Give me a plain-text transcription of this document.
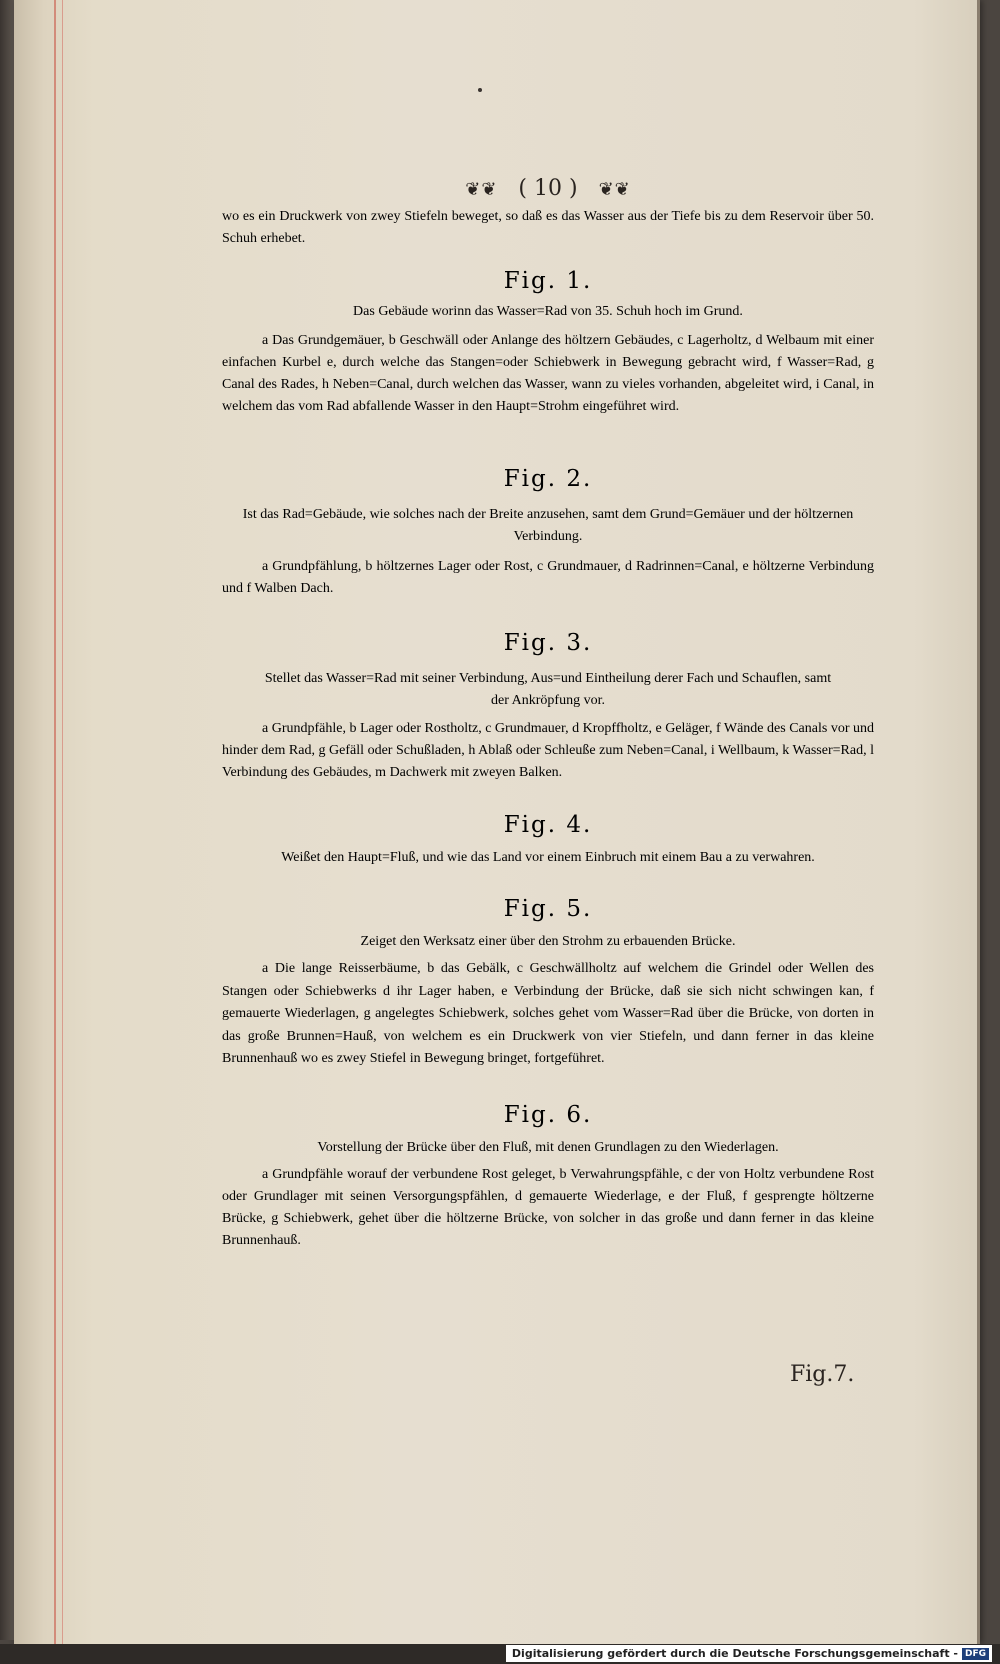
❦❦ ( 10 ) ❦❦

wo es ein Druckwerk von zwey Stiefeln beweget, so daß es das Wasser aus der Tiefe bis zu dem Reservoir über 50. Schuh erhebet.

Fig. 1.

Das Gebäude worinn das Wasser=Rad von 35. Schuh hoch im Grund.

a Das Grundgemäuer, b Geschwäll oder Anlange des höltzern Gebäudes, c Lagerholtz, d Welbaum mit einer einfachen Kurbel e, durch welche das Stangen=oder Schiebwerk in Bewegung gebracht wird, f Wasser=Rad, g Canal des Rades, h Neben=Canal, durch welchen das Wasser, wann zu vieles vorhanden, abgeleitet wird, i Canal, in welchem das vom Rad abfallende Wasser in den Haupt=Strohm eingeführet wird.

Fig. 2.

Ist das Rad=Gebäude, wie solches nach der Breite anzusehen, samt dem Grund=Gemäuer und der höltzernen Verbindung.

a Grundpfählung, b höltzernes Lager oder Rost, c Grundmauer, d Radrinnen=Canal, e höltzerne Verbindung und f Walben Dach.

Fig. 3.

Stellet das Wasser=Rad mit seiner Verbindung, Aus=und Eintheilung derer Fach und Schauflen, samt der Ankröpfung vor.

a Grundpfähle, b Lager oder Rostholtz, c Grundmauer, d Kropffholtz, e Geläger, f Wände des Canals vor und hinder dem Rad, g Gefäll oder Schußladen, h Ablaß oder Schleuße zum Neben=Canal, i Wellbaum, k Wasser=Rad, l Verbindung des Gebäudes, m Dachwerk mit zweyen Balken.

Fig. 4.

Weißet den Haupt=Fluß, und wie das Land vor einem Einbruch mit einem Bau a zu verwahren.

Fig. 5.

Zeiget den Werksatz einer über den Strohm zu erbauenden Brücke.

a Die lange Reisserbäume, b das Gebälk, c Geschwällholtz auf welchem die Grindel oder Wellen des Stangen oder Schiebwerks d ihr Lager haben, e Verbindung der Brücke, daß sie sich nicht schwingen kan, f gemauerte Wiederlagen, g angelegtes Schiebwerk, solches gehet vom Wasser=Rad über die Brücke, von dorten in das große Brunnen=Hauß, von welchem es ein Druckwerk von vier Stiefeln, und dann ferner in das kleine Brunnenhauß wo es zwey Stiefel in Bewegung bringet, fortgeführet.

Fig. 6.

Vorstellung der Brücke über den Fluß, mit denen Grundlagen zu den Wiederlagen.

a Grundpfähle worauf der verbundene Rost geleget, b Verwahrungspfähle, c der von Holtz verbundene Rost oder Grundlager mit seinen Versorgungspfählen, d gemauerte Wiederlage, e der Fluß, f gesprengte höltzerne Brücke, g Schiebwerk, gehet über die höltzerne Brücke, von solcher in das große und dann ferner in das kleine Brunnenhauß.

Fig.7.
Digitalisierung gefördert durch die Deutsche Forschungsgemeinschaft - DFG
